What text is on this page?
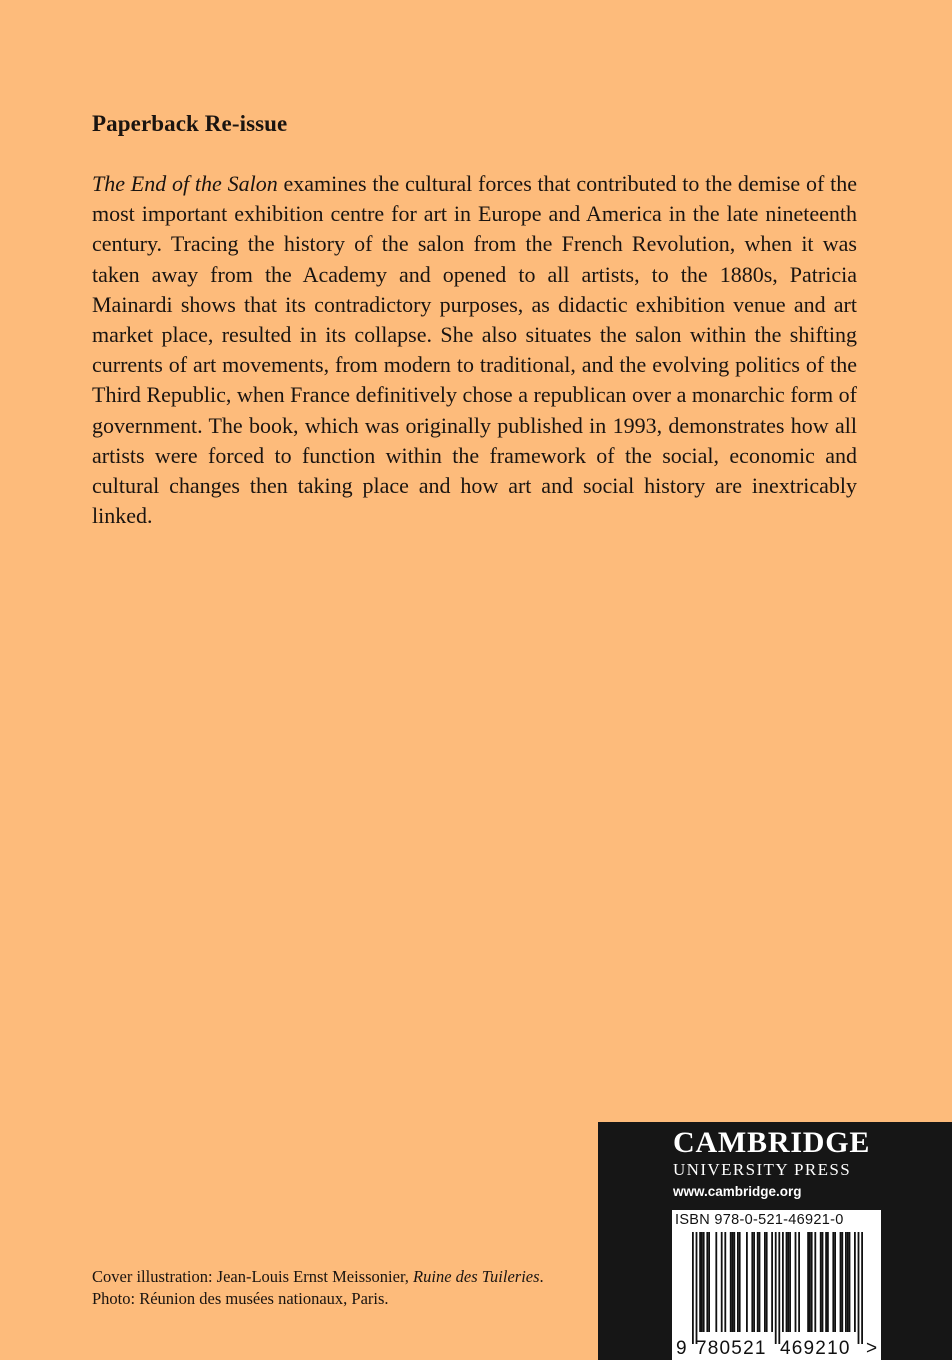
Paperback Re-issue

The End of the Salon examines the cultural forces that contributed to the demise of the most important exhibition centre for art in Europe and America in the late nineteenth century. Tracing the history of the salon from the French Revolution, when it was taken away from the Academy and opened to all artists, to the 1880s, Patricia Mainardi shows that its contradictory purposes, as didactic exhibition venue and art market place, resulted in its collapse. She also situates the salon within the shifting currents of art movements, from modern to traditional, and the evolving politics of the Third Republic, when France definitively chose a republican over a monarchic form of government. The book, which was originally published in 1993, demonstrates how all artists were forced to function within the framework of the social, economic and cultural changes then taking place and how art and social history are inextricably linked.

Cover illustration: Jean-Louis Ernst Meissonier, Ruine des Tuileries.
Photo: Réunion des musées nationaux, Paris.
CAMBRIDGE
UNIVERSITY PRESS
www.cambridge.org
ISBN 978-0-521-46921-0
9 780521 469210 >
